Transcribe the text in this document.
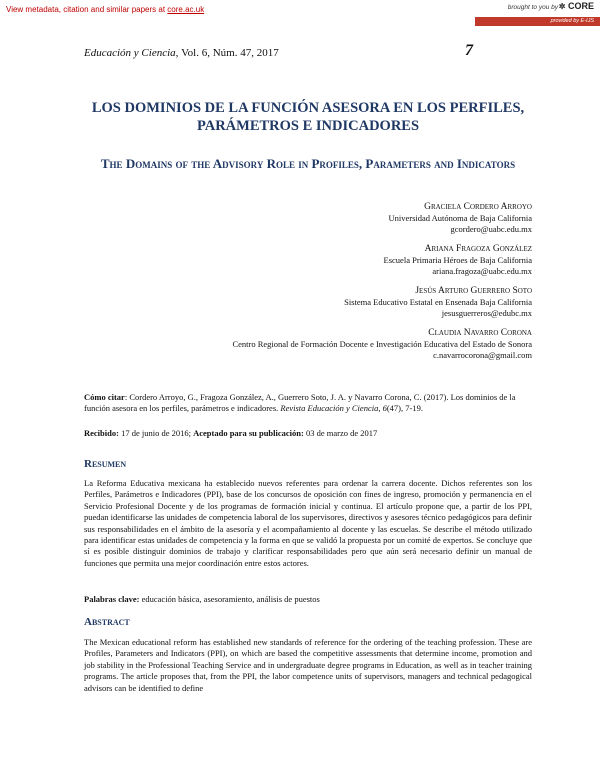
View metadata, citation and similar papers at core.ac.uk	brought to you by ✲ CORE
provided by E-IJS
Educación y Ciencia, Vol. 6, Núm. 47, 2017	7
LOS DOMINIOS DE LA FUNCIÓN ASESORA EN LOS PERFILES, PARÁMETROS E INDICADORES
The Domains of the Advisory Role in Profiles, Parameters and Indicators
Graciela Cordero Arroyo
Universidad Autónoma de Baja California
gcordero@uabc.edu.mx
Ariana Fragoza González
Escuela Primaria Héroes de Baja California
ariana.fragoza@uabc.edu.mx
Jesús Arturo Guerrero Soto
Sistema Educativo Estatal en Ensenada Baja California
jesusguerreros@edubc.mx
Claudia Navarro Corona
Centro Regional de Formación Docente e Investigación Educativa del Estado de Sonora
c.navarrocorona@gmail.com
Cómo citar: Cordero Arroyo, G., Fragoza González, A., Guerrero Soto, J. A. y Navarro Corona, C. (2017). Los dominios de la función asesora en los perfiles, parámetros e indicadores. Revista Educación y Ciencia, 6(47), 7-19.
Recibido: 17 de junio de 2016; Aceptado para su publicación: 03 de marzo de 2017
Resumen
La Reforma Educativa mexicana ha establecido nuevos referentes para ordenar la carrera docente. Dichos referentes son los Perfiles, Parámetros e Indicadores (PPI), base de los concursos de oposición con fines de ingreso, promoción y permanencia en el Servicio Profesional Docente y de los programas de formación inicial y continua. El artículo propone que, a partir de los PPI, puedan identificarse las unidades de competencia laboral de los supervisores, directivos y asesores técnico pedagógicos para definir sus responsabilidades en el ámbito de la asesoría y el acompañamiento al docente y las escuelas. Se describe el método utilizado para identificar estas unidades de competencia y la forma en que se validó la propuesta por un comité de expertos. Se concluye que sí es posible distinguir dominios de trabajo y clarificar responsabilidades pero que aún será necesario definir un manual de funciones que permita una mejor coordinación entre estos actores.
Palabras clave: educación básica, asesoramiento, análisis de puestos
Abstract
The Mexican educational reform has established new standards of reference for the ordering of the teaching profession. These are Profiles, Parameters and Indicators (PPI), on which are based the competitive assessments that determine income, promotion and job stability in the Professional Teaching Service and in undergraduate degree programs in Education, as well as in teacher training programs. The article proposes that, from the PPI, the labor competence units of supervisors, managers and technical pedagogical advisors can be identified to define
